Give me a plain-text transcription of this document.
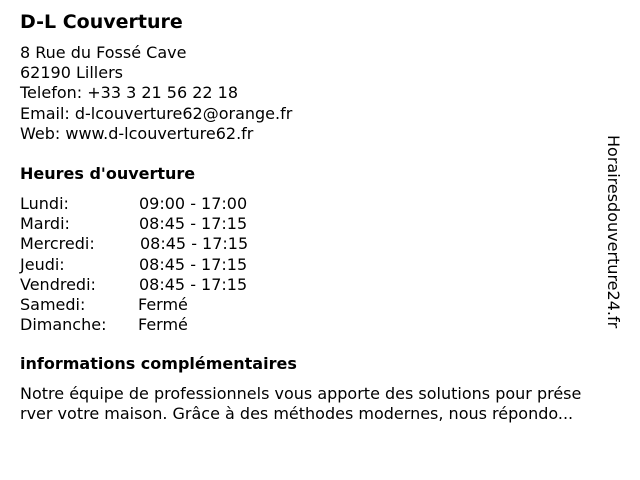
D-L Couverture
8 Rue du Fossé Cave
62190 Lillers
Telefon: +33 3 21 56 22 18
Email: d-lcouverture62@orange.fr
Web: www.d-lcouverture62.fr
Heures d'ouverture
Lundi:	09:00 - 17:00
Mardi:	08:45 - 17:15
Mercredi:	08:45 - 17:15
Jeudi:	08:45 - 17:15
Vendredi:	08:45 - 17:15
Samedi:	Fermé
Dimanche: Fermé
informations complémentaires
Notre équipe de professionnels vous apporte des solutions pour prése
rver votre maison. Grâce à des méthodes modernes, nous répondo...
Horairesdouverture24.fr
